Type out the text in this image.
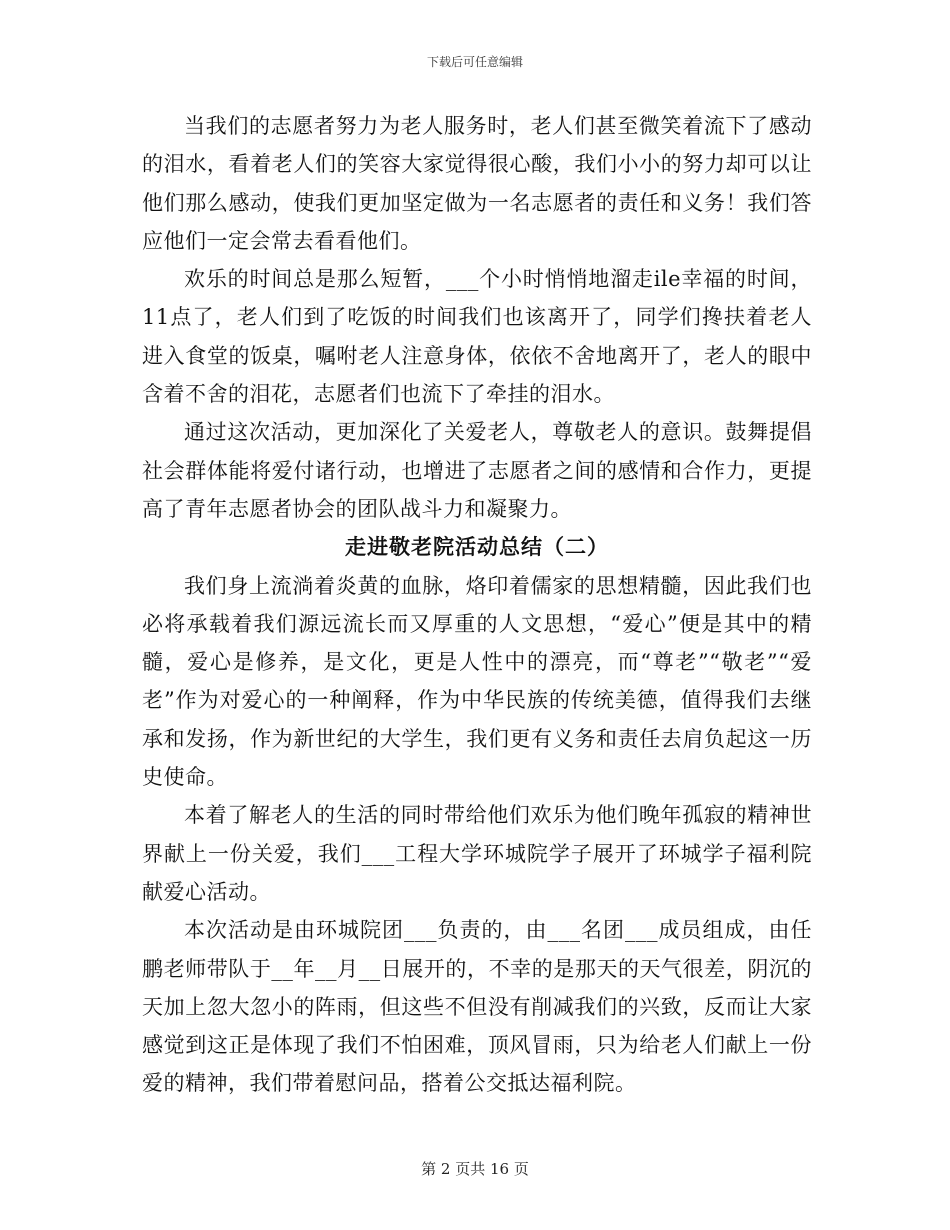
下载后可任意编辑

当我们的志愿者努力为老人服务时，老人们甚至微笑着流下了感动的泪水，看着老人们的笑容大家觉得很心酸，我们小小的努力却可以让他们那么感动，使我们更加坚定做为一名志愿者的责任和义务！我们答应他们一定会常去看看他们。

欢乐的时间总是那么短暂，___个小时悄悄地溜走ile幸福的时间，11点了，老人们到了吃饭的时间我们也该离开了，同学们搀扶着老人进入食堂的饭桌，嘱咐老人注意身体，依依不舍地离开了，老人的眼中含着不舍的泪花，志愿者们也流下了牵挂的泪水。

通过这次活动，更加深化了关爱老人，尊敬老人的意识。鼓舞提倡社会群体能将爱付诸行动，也增进了志愿者之间的感情和合作力，更提高了青年志愿者协会的团队战斗力和凝聚力。

走进敬老院活动总结（二）

我们身上流淌着炎黄的血脉，烙印着儒家的思想精髓，因此我们也必将承载着我们源远流长而又厚重的人文思想，“爱心”便是其中的精髓，爱心是修养，是文化，更是人性中的漂亮，而“尊老”“敬老”“爱老”作为对爱心的一种阐释，作为中华民族的传统美德，值得我们去继承和发扬，作为新世纪的大学生，我们更有义务和责任去肩负起这一历史使命。

本着了解老人的生活的同时带给他们欢乐为他们晚年孤寂的精神世界献上一份关爱，我们___工程大学环城院学子展开了环城学子福利院献爱心活动。

本次活动是由环城院团___负责的，由___名团___成员组成，由任鹏老师带队于__年__月__日展开的，不幸的是那天的天气很差，阴沉的天加上忽大忽小的阵雨，但这些不但没有削减我们的兴致，反而让大家感觉到这正是体现了我们不怕困难，顶风冒雨，只为给老人们献上一份爱的精神，我们带着慰问品，搭着公交抵达福利院。

第 2 页共 16 页
